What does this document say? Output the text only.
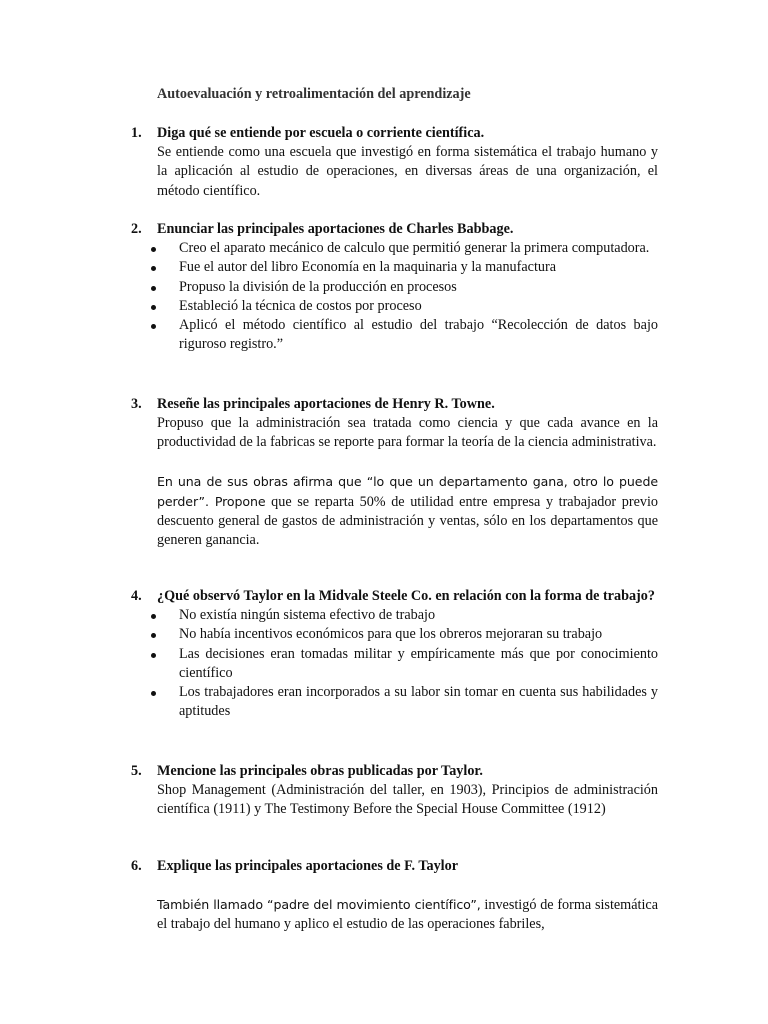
Autoevaluación y retroalimentación del aprendizaje
1. Diga qué se entiende por escuela o corriente científica.
Se entiende como una escuela que investigó en forma sistemática el trabajo humano y la aplicación al estudio de operaciones, en diversas áreas de una organización, el método científico.
2. Enunciar las principales aportaciones de Charles Babbage.
Creo el aparato mecánico de calculo que permitió generar la primera computadora.
Fue el autor del libro Economía en la maquinaria y la manufactura
Propuso la división de la producción en procesos
Estableció la técnica de costos por proceso
Aplicó el método científico al estudio del trabajo “Recolección de datos bajo riguroso registro.”
3. Reseñe las principales aportaciones de Henry R. Towne.
Propuso que la administración sea tratada como ciencia y que cada avance en la productividad de la fabricas se reporte para formar la teoría de la ciencia administrativa.
En una de sus obras afirma que “lo que un departamento gana, otro lo puede perder”. Propone que se reparta 50% de utilidad entre empresa y trabajador previo descuento general de gastos de administración y ventas, sólo en los departamentos que generen ganancia.
4. ¿Qué observó Taylor en la Midvale Steele Co. en relación con la forma de trabajo?
No existía ningún sistema efectivo de trabajo
No había incentivos económicos para que los obreros mejoraran su trabajo
Las decisiones eran tomadas militar y empíricamente más que por conocimiento científico
Los trabajadores eran incorporados a su labor sin tomar en cuenta sus habilidades y aptitudes
5. Mencione las principales obras publicadas por Taylor.
Shop Management (Administración del taller, en 1903), Principios de administración científica (1911) y The Testimony Before the Special House Committee (1912)
6. Explique las principales aportaciones de F. Taylor
También llamado “padre del movimiento científico”, investigó de forma sistemática el trabajo del humano y aplico el estudio de las operaciones fabriles,
